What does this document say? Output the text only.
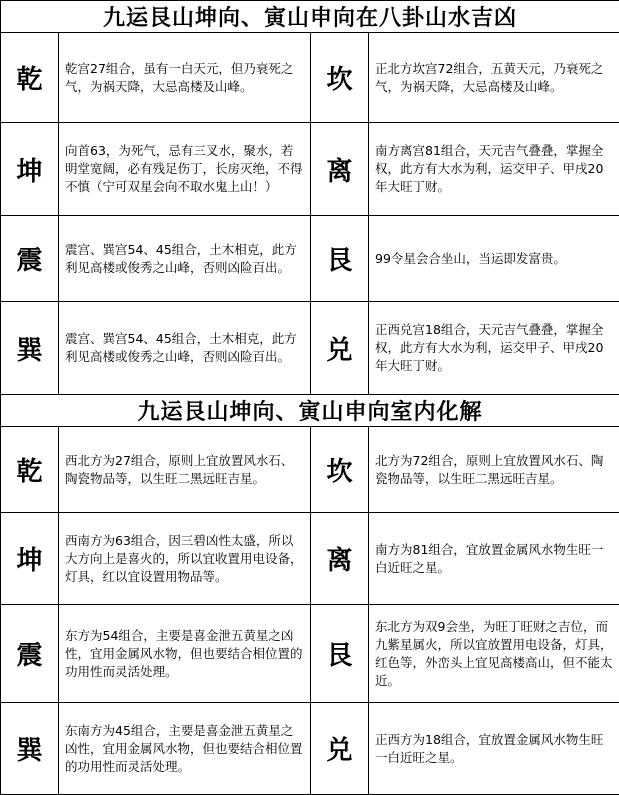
九运艮山坤向、寅山申向在八卦山水吉凶			
乾	乾宫27组合，虽有一白天元，但乃衰死之气，为祸天降，大忌高楼及山峰。	坎	正北方坎宫72组合，五黄天元，乃衰死之气，为祸天降，大忌高楼及山峰。
坤	向首63，为死气，忌有三叉水，聚水，若明堂宽阔，必有残足伤丁，长房灭绝，不得不慎（宁可双星会向不取水鬼上山！）	离	南方离宫81组合，天元吉气叠叠，掌握全权，此方有大水为利，运交甲子、甲戌20年大旺丁财。
震	震宫、巽宫54、45组合，土木相克，此方利见高楼或俊秀之山峰，否则凶险百出。	艮	99令星会合坐山，当运即发富贵。
巽	震宫、巽宫54、45组合，土木相克，此方利见高楼或俊秀之山峰，否则凶险百出。	兑	正西兑宫18组合，天元吉气叠叠，掌握全权，此方有大水为利，运交甲子、甲戌20年大旺丁财。
九运艮山坤向、寅山申向室内化解			
乾	西北方为27组合，原则上宜放置风水石、陶瓷物品等，以生旺二黑远旺吉星。	坎	北方为72组合，原则上宜放置风水石、陶瓷物品等，以生旺二黑远旺吉星。
坤	西南方为63组合，因三碧凶性太盛，所以大方向上是喜火的，所以宜收置用电设备，灯具，红以宜设置用物品等。	离	南方为81组合，宜放置金属风水物生旺一白近旺之星。
震	东方为54组合，主要是喜金泄五黄星之凶性，宜用金属风水物，但也要结合相位置的功用性而灵活处理。	艮	东北方为双9会坐，为旺丁旺财之吉位，而九紫星属火，所以宜放置用电设备，灯具，红色等，外峦头上宜见高楼高山，但不能太近。
巽	东南方为45组合，主要是喜金泄五黄星之凶性，宜用金属风水物，但也要结合相位置的功用性而灵活处理。	兑	正西方为18组合，宜放置金属风水物生旺一白近旺之星。
